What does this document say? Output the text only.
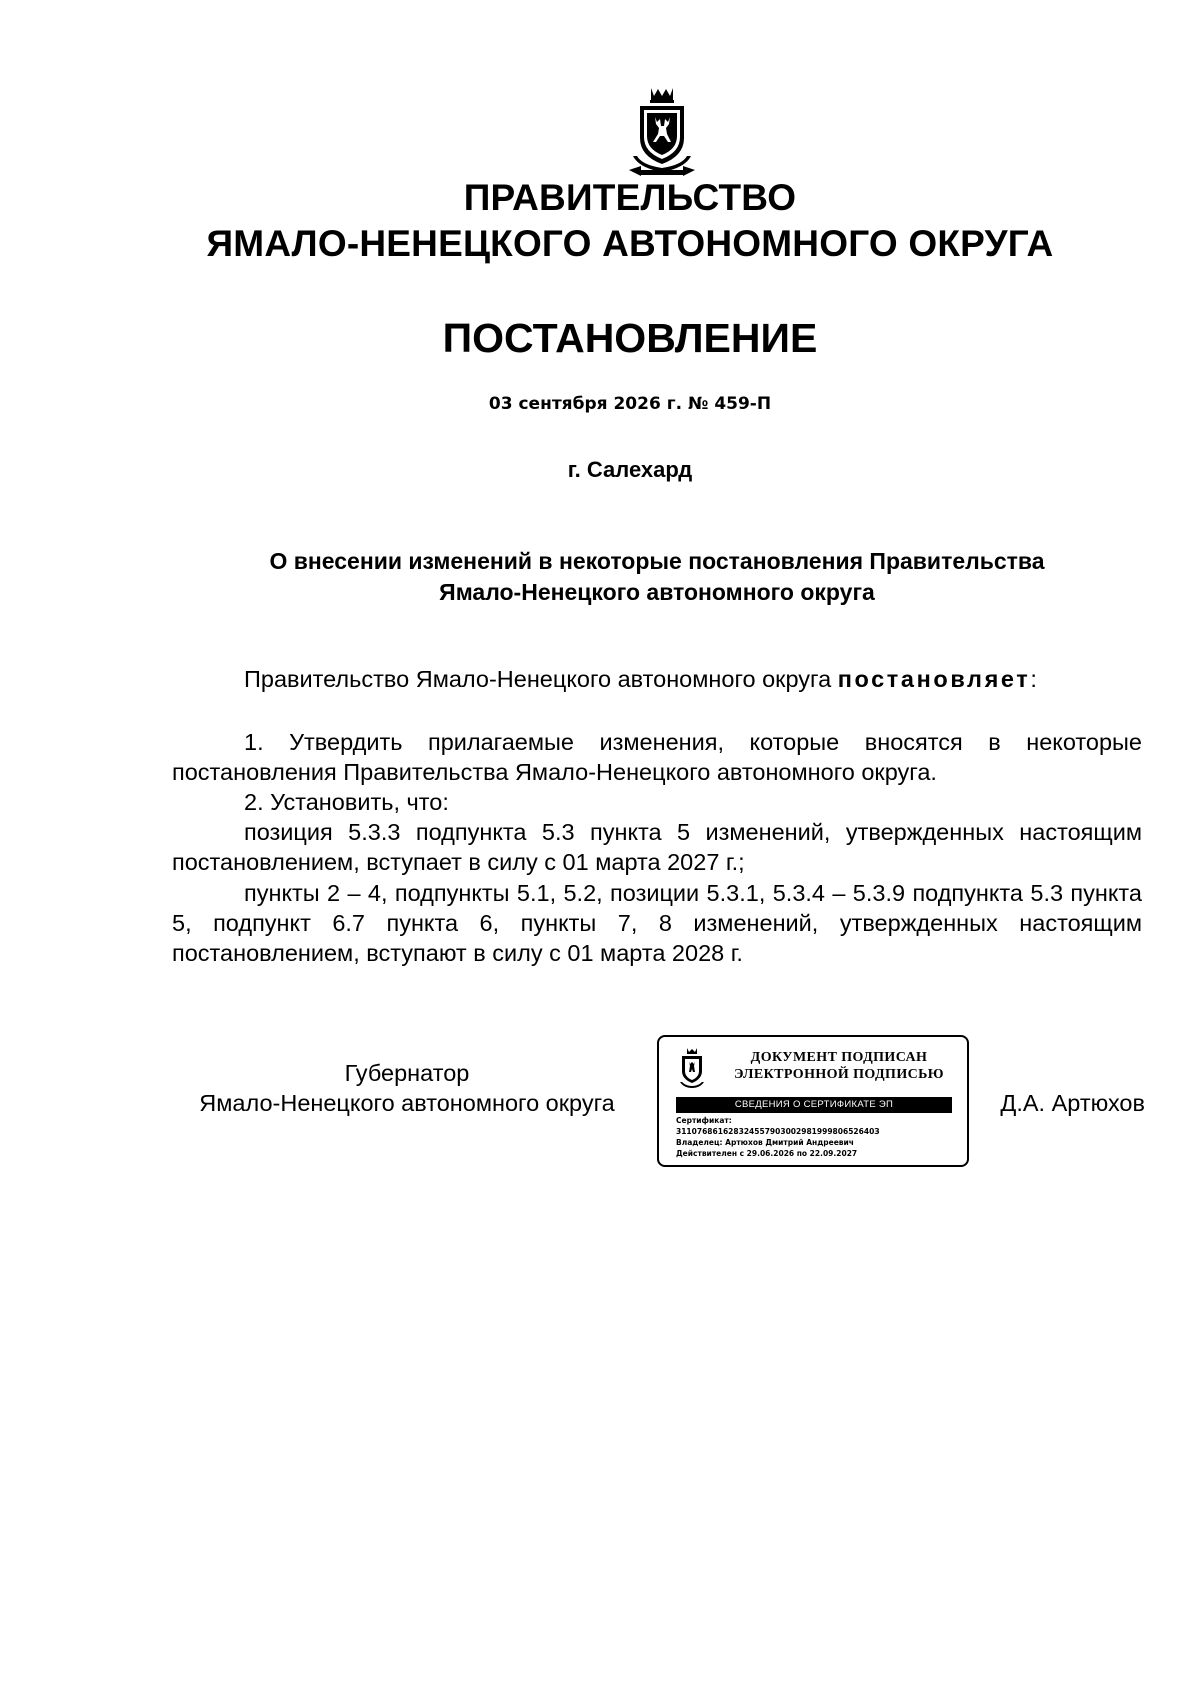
ПРАВИТЕЛЬСТВО
ЯМАЛО-НЕНЕЦКОГО АВТОНОМНОГО ОКРУГА
ПОСТАНОВЛЕНИЕ
03 сентября 2026 г. № 459-П
г. Салехард
О внесении изменений в некоторые постановления Правительства
Ямало-Ненецкого автономного округа
Правительство Ямало-Ненецкого автономного округа постановляет:
1. Утвердить прилагаемые изменения, которые вносятся в некоторые постановления Правительства Ямало-Ненецкого автономного округа.
2. Установить, что:
позиция 5.3.3 подпункта 5.3 пункта 5 изменений, утвержденных настоящим постановлением, вступает в силу с 01 марта 2027 г.;
пункты 2 – 4, подпункты 5.1, 5.2, позиции 5.3.1, 5.3.4 – 5.3.9 подпункта 5.3 пункта 5, подпункт 6.7 пункта 6, пункты 7, 8 изменений, утвержденных настоящим постановлением, вступают в силу с 01 марта 2028 г.
Губернатор
Ямало-Ненецкого автономного округа
ДОКУМЕНТ ПОДПИСАН
ЭЛЕКТРОННОЙ ПОДПИСЬЮ
СВЕДЕНИЯ О СЕРТИФИКАТЕ ЭП
Сертификат:
31107686162832455790300298199980652640З
Владелец: Артюхов Дмитрий Андреевич
Действителен с 29.06.2026 по 22.09.2027
Д.А. Артюхов
